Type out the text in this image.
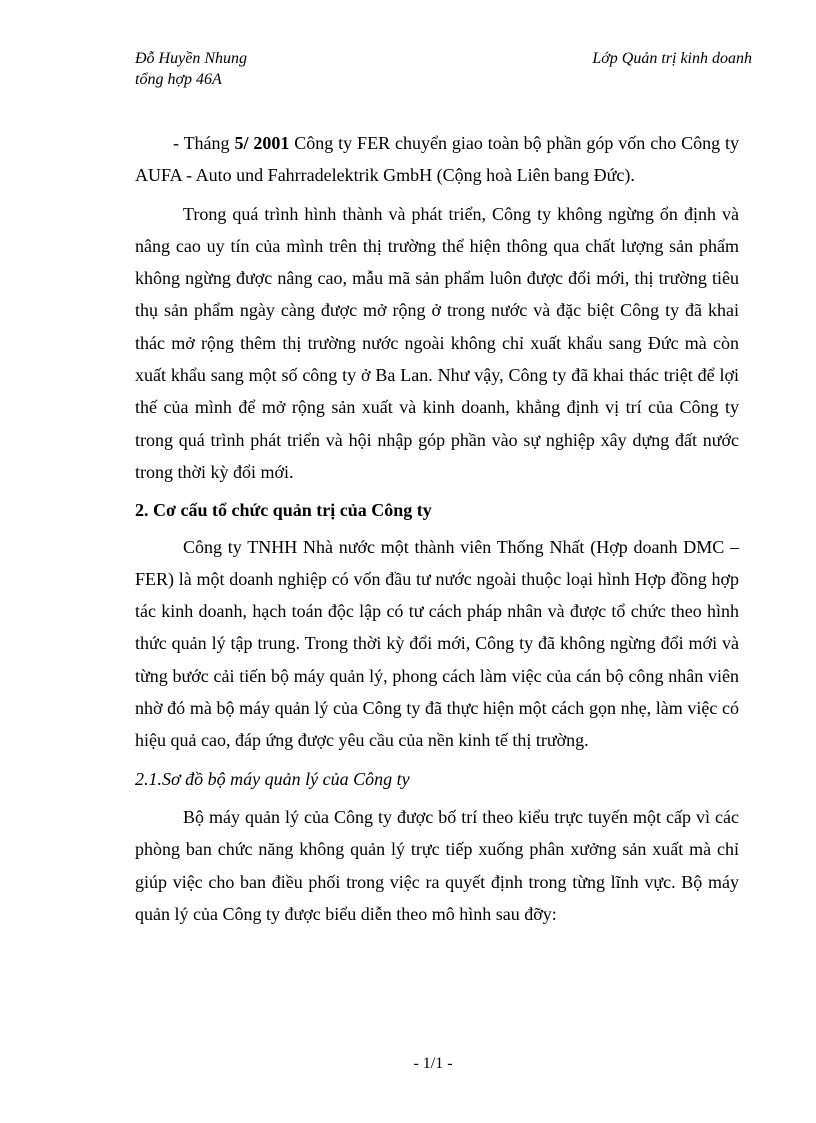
Đỗ Huyền Nhung
tổng hợp 46A
Lớp Quản trị kinh doanh

- Tháng 5/ 2001 Công ty FER chuyển giao toàn bộ phần góp vốn cho Công ty AUFA - Auto und Fahrradelektrik GmbH (Cộng hoà Liên bang Đức).

Trong quá trình hình thành và phát triển, Công ty không ngừng ổn định và nâng cao uy tín của mình trên thị trường thể hiện thông qua chất lượng sản phẩm không ngừng được nâng cao, mẫu mã sản phẩm luôn được đổi mới, thị trường tiêu thụ sản phẩm ngày càng được mở rộng ở trong nước và đặc biệt Công ty đã khai thác mở rộng thêm thị trường nước ngoài không chỉ xuất khẩu sang Đức mà còn xuất khẩu sang một số công ty ở Ba Lan. Như vậy, Công ty đã khai thác triệt để lợi thế của mình để mở rộng sản xuất và kinh doanh, khẳng định vị trí của Công ty trong quá trình phát triển và hội nhập góp phần vào sự nghiệp xây dựng đất nước trong thời kỳ đổi mới.

2. Cơ cấu tổ chức quản trị của Công ty

Công ty TNHH Nhà nước một thành viên Thống Nhất (Hợp doanh DMC – FER) là một doanh nghiệp có vốn đầu tư nước ngoài thuộc loại hình Hợp đồng hợp tác kinh doanh, hạch toán độc lập có tư cách pháp nhân và được tổ chức theo hình thức quản lý tập trung. Trong thời kỳ đổi mới, Công ty đã không ngừng đổi mới và từng bước cải tiến bộ máy quản lý, phong cách làm việc của cán bộ công nhân viên nhờ đó mà bộ máy quản lý của Công ty đã thực hiện một cách gọn nhẹ, làm việc có hiệu quả cao, đáp ứng được yêu cầu của nền kinh tế thị trường.

2.1.Sơ đồ bộ máy quản lý của Công ty

Bộ máy quản lý của Công ty được bố trí theo kiểu trực tuyến một cấp vì các phòng ban chức năng không quản lý trực tiếp xuống phân xưởng sản xuất mà chỉ giúp việc cho ban điều phối trong việc ra quyết định trong từng lĩnh vực. Bộ máy quản lý của Công ty được biểu diễn theo mô hình sau đỡy:

- 1/1 -
